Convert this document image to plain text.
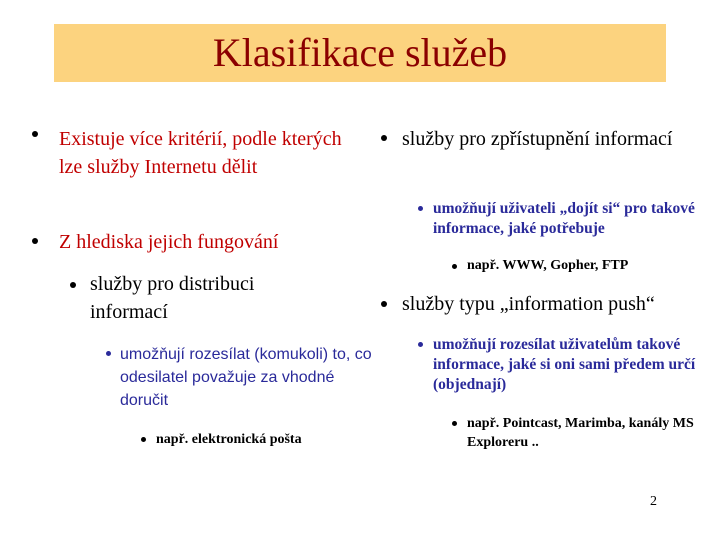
Klasifikace služeb

Existuje více kritérií, podle kterých lze služby Internetu dělit

Z hlediska jejich fungování

služby pro distribuci informací

umožňují rozesílat (komukoli) to, co odesilatel považuje za vhodné doručit

např. elektronická pošta

služby pro zpřístupnění informací

umožňují uživateli „dojít si“ pro takové informace, jaké potřebuje

např. WWW, Gopher, FTP

služby typu „information push“

umožňují rozesílat uživatelům takové informace, jaké si oni sami předem určí (objednají)

např. Pointcast, Marimba, kanály MS Exploreru ..

2
